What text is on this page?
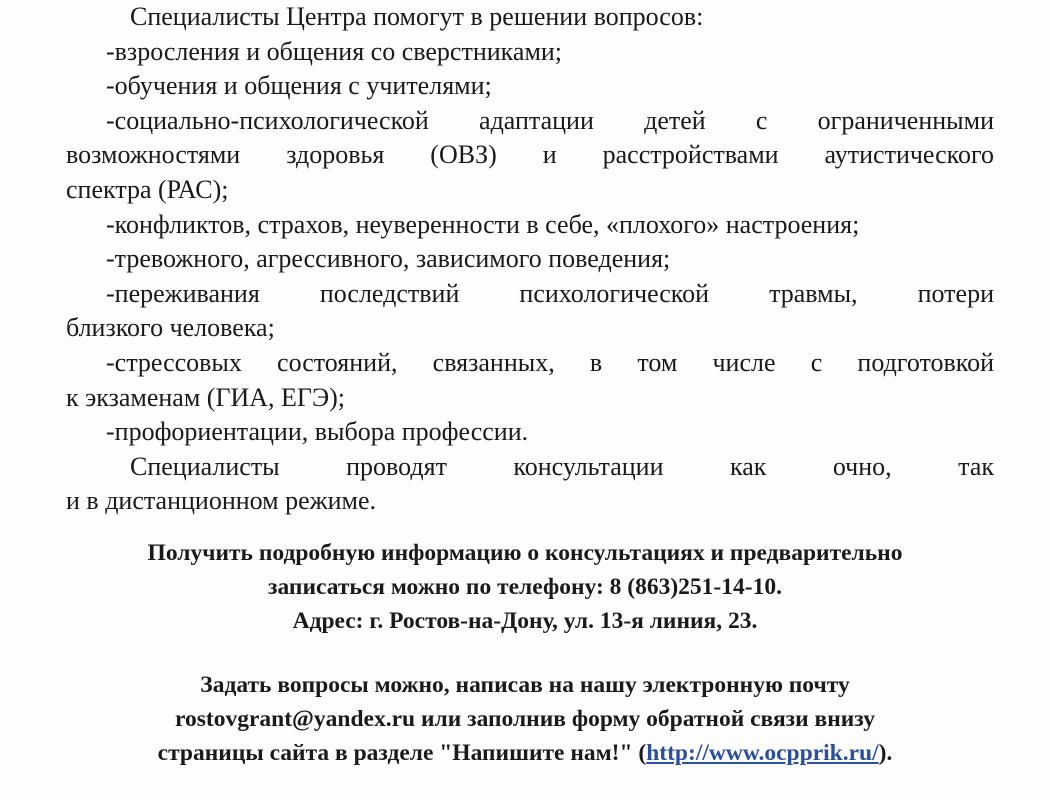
Специалисты Центра помогут в решении вопросов:
-взросления и общения со сверстниками;
-обучения и общения с учителями;
-социально-психологической адаптации детей с ограниченными
возможностями здоровья (ОВЗ) и расстройствами аутистического
спектра (РАС);
-конфликтов, страхов, неуверенности в себе, «плохого» настроения;
-тревожного, агрессивного, зависимого поведения;
-переживания последствий психологической травмы, потери
близкого человека;
-стрессовых состояний, связанных, в том числе с подготовкой
к экзаменам (ГИА, ЕГЭ);
-профориентации, выбора профессии.
Специалисты проводят консультации как очно, так
и в дистанционном режиме.
Получить подробную информацию о консультациях и предварительно
записаться можно по телефону: 8 (863)251-14-10.
Адрес: г. Ростов-на-Дону, ул. 13-я линия, 23.
Задать вопросы можно, написав на нашу электронную почту
rostovgrant@yandex.ru или заполнив форму обратной связи внизу
страницы сайта в разделе "Напишите нам!" (http://www.ocpprik.ru/).
